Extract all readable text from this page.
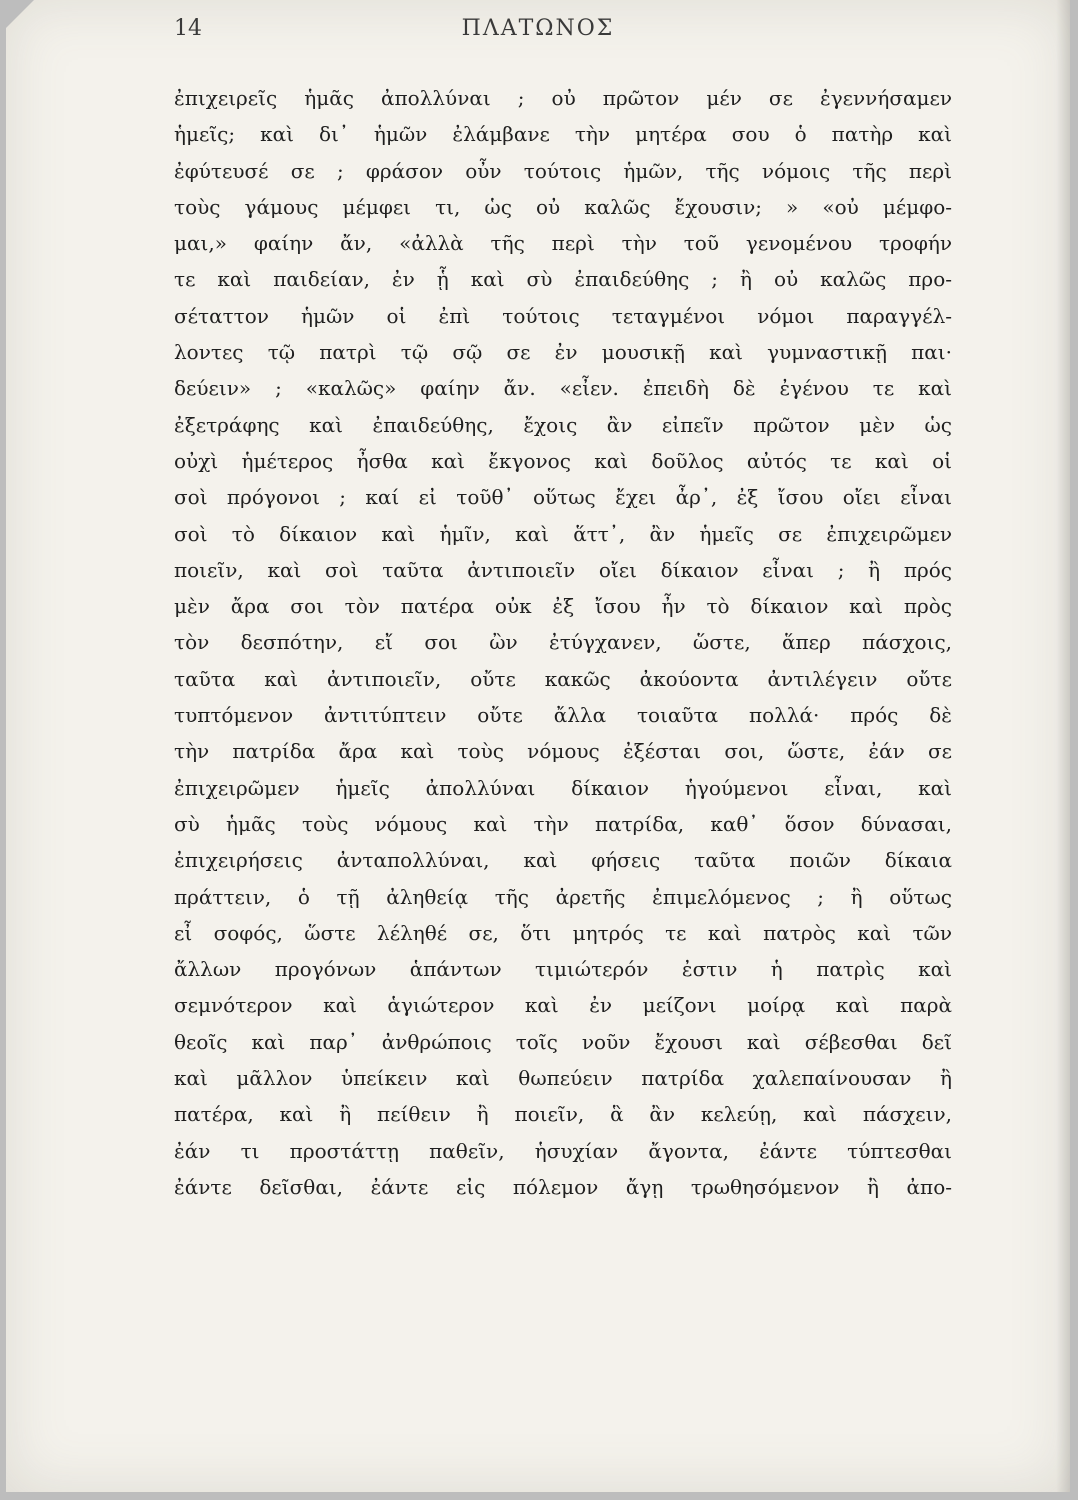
14	ΠΛΑΤΩΝΟΣ
ἐπιχειρεῖς ἡμᾶς ἀπολλύναι ; οὐ πρῶτον μέν σε ἐγεννήσαμεν
ἡμεῖς; καὶ δι᾿ ἡμῶν ἐλάμβανε τὴν μητέρα σου ὁ πατὴρ καὶ
ἐφύτευσέ σε ; φράσον οὖν τούτοις ἡμῶν, τῆς νόμοις τῆς περὶ
τοὺς γάμους μέμφει τι, ὡς οὐ καλῶς ἔχουσιν; » «οὐ μέμφο-
μαι,» φαίην ἄν, «ἀλλὰ τῆς περὶ τὴν τοῦ γενομένου τροφήν
τε καὶ παιδείαν, ἐν ᾗ καὶ σὺ ἐπαιδεύθης ; ἢ οὐ καλῶς προ-
σέταττον ἡμῶν οἱ ἐπὶ τούτοις τεταγμένοι νόμοι παραγγέλ-
λοντες τῷ πατρὶ τῷ σῷ σε ἐν μουσικῇ καὶ γυμναστικῇ παι·
δεύειν» ; «καλῶς» φαίην ἄν. «εἶεν. ἐπειδὴ δὲ ἐγένου τε καὶ
ἐξετράφης καὶ ἐπαιδεύθης, ἔχοις ἂν εἰπεῖν πρῶτον μὲν ὡς
οὐχὶ ἡμέτερος ἦσθα καὶ ἔκγονος καὶ δοῦλος αὐτός τε καὶ οἱ
σοὶ πρόγονοι ; καί εἰ τοῦθ᾿ οὕτως ἔχει ἆρ᾿, ἐξ ἴσου οἴει εἶναι
σοὶ τὸ δίκαιον καὶ ἡμῖν, καὶ ἅττ᾿, ἂν ἡμεῖς σε ἐπιχειρῶμεν
ποιεῖν, καὶ σοὶ ταῦτα ἀντιποιεῖν οἴει δίκαιον εἶναι ; ἢ πρός
μὲν ἄρα σοι τὸν πατέρα οὐκ ἐξ ἴσου ἦν τὸ δίκαιον καὶ πρὸς
τὸν δεσπότην, εἴ σοι ὢν ἐτύγχανεν, ὥστε, ἅπερ πάσχοις,
ταῦτα καὶ ἀντιποιεῖν, οὔτε κακῶς ἀκούοντα ἀντιλέγειν οὔτε
τυπτόμενον ἀντιτύπτειν οὔτε ἄλλα τοιαῦτα πολλά· πρός δὲ
τὴν πατρίδα ἄρα καὶ τοὺς νόμους ἐξέσται σοι, ὥστε, ἐάν σε
ἐπιχειρῶμεν ἡμεῖς ἀπολλύναι δίκαιον ἡγούμενοι εἶναι, καὶ
σὺ ἡμᾶς τοὺς νόμους καὶ τὴν πατρίδα, καθ᾿ ὅσον δύνασαι,
ἐπιχειρήσεις ἀνταπολλύναι, καὶ φήσεις ταῦτα ποιῶν δίκαια
πράττειν, ὁ τῇ ἀληθείᾳ τῆς ἀρετῆς ἐπιμελόμενος ; ἢ οὕτως
εἶ σοφός, ὥστε λέληθέ σε, ὅτι μητρός τε καὶ πατρὸς καὶ τῶν
ἄλλων προγόνων ἁπάντων τιμιώτερόν ἐστιν ἡ πατρὶς καὶ
σεμνότερον καὶ ἁγιώτερον καὶ ἐν μείζονι μοίρᾳ καὶ παρὰ
θεοῖς καὶ παρ᾿ ἀνθρώποις τοῖς νοῦν ἔχουσι καὶ σέβεσθαι δεῖ
καὶ μᾶλλον ὑπείκειν καὶ θωπεύειν πατρίδα χαλεπαίνουσαν ἢ
πατέρα, καὶ ἢ πείθειν ἢ ποιεῖν, ἃ ἂν κελεύῃ, καὶ πάσχειν,
ἐάν τι προστάττῃ παθεῖν, ἡσυχίαν ἄγοντα, ἐάντε τύπτεσθαι
ἐάντε δεῖσθαι, ἐάντε εἰς πόλεμον ἄγῃ τρωθησόμενον ἢ ἀπο-
